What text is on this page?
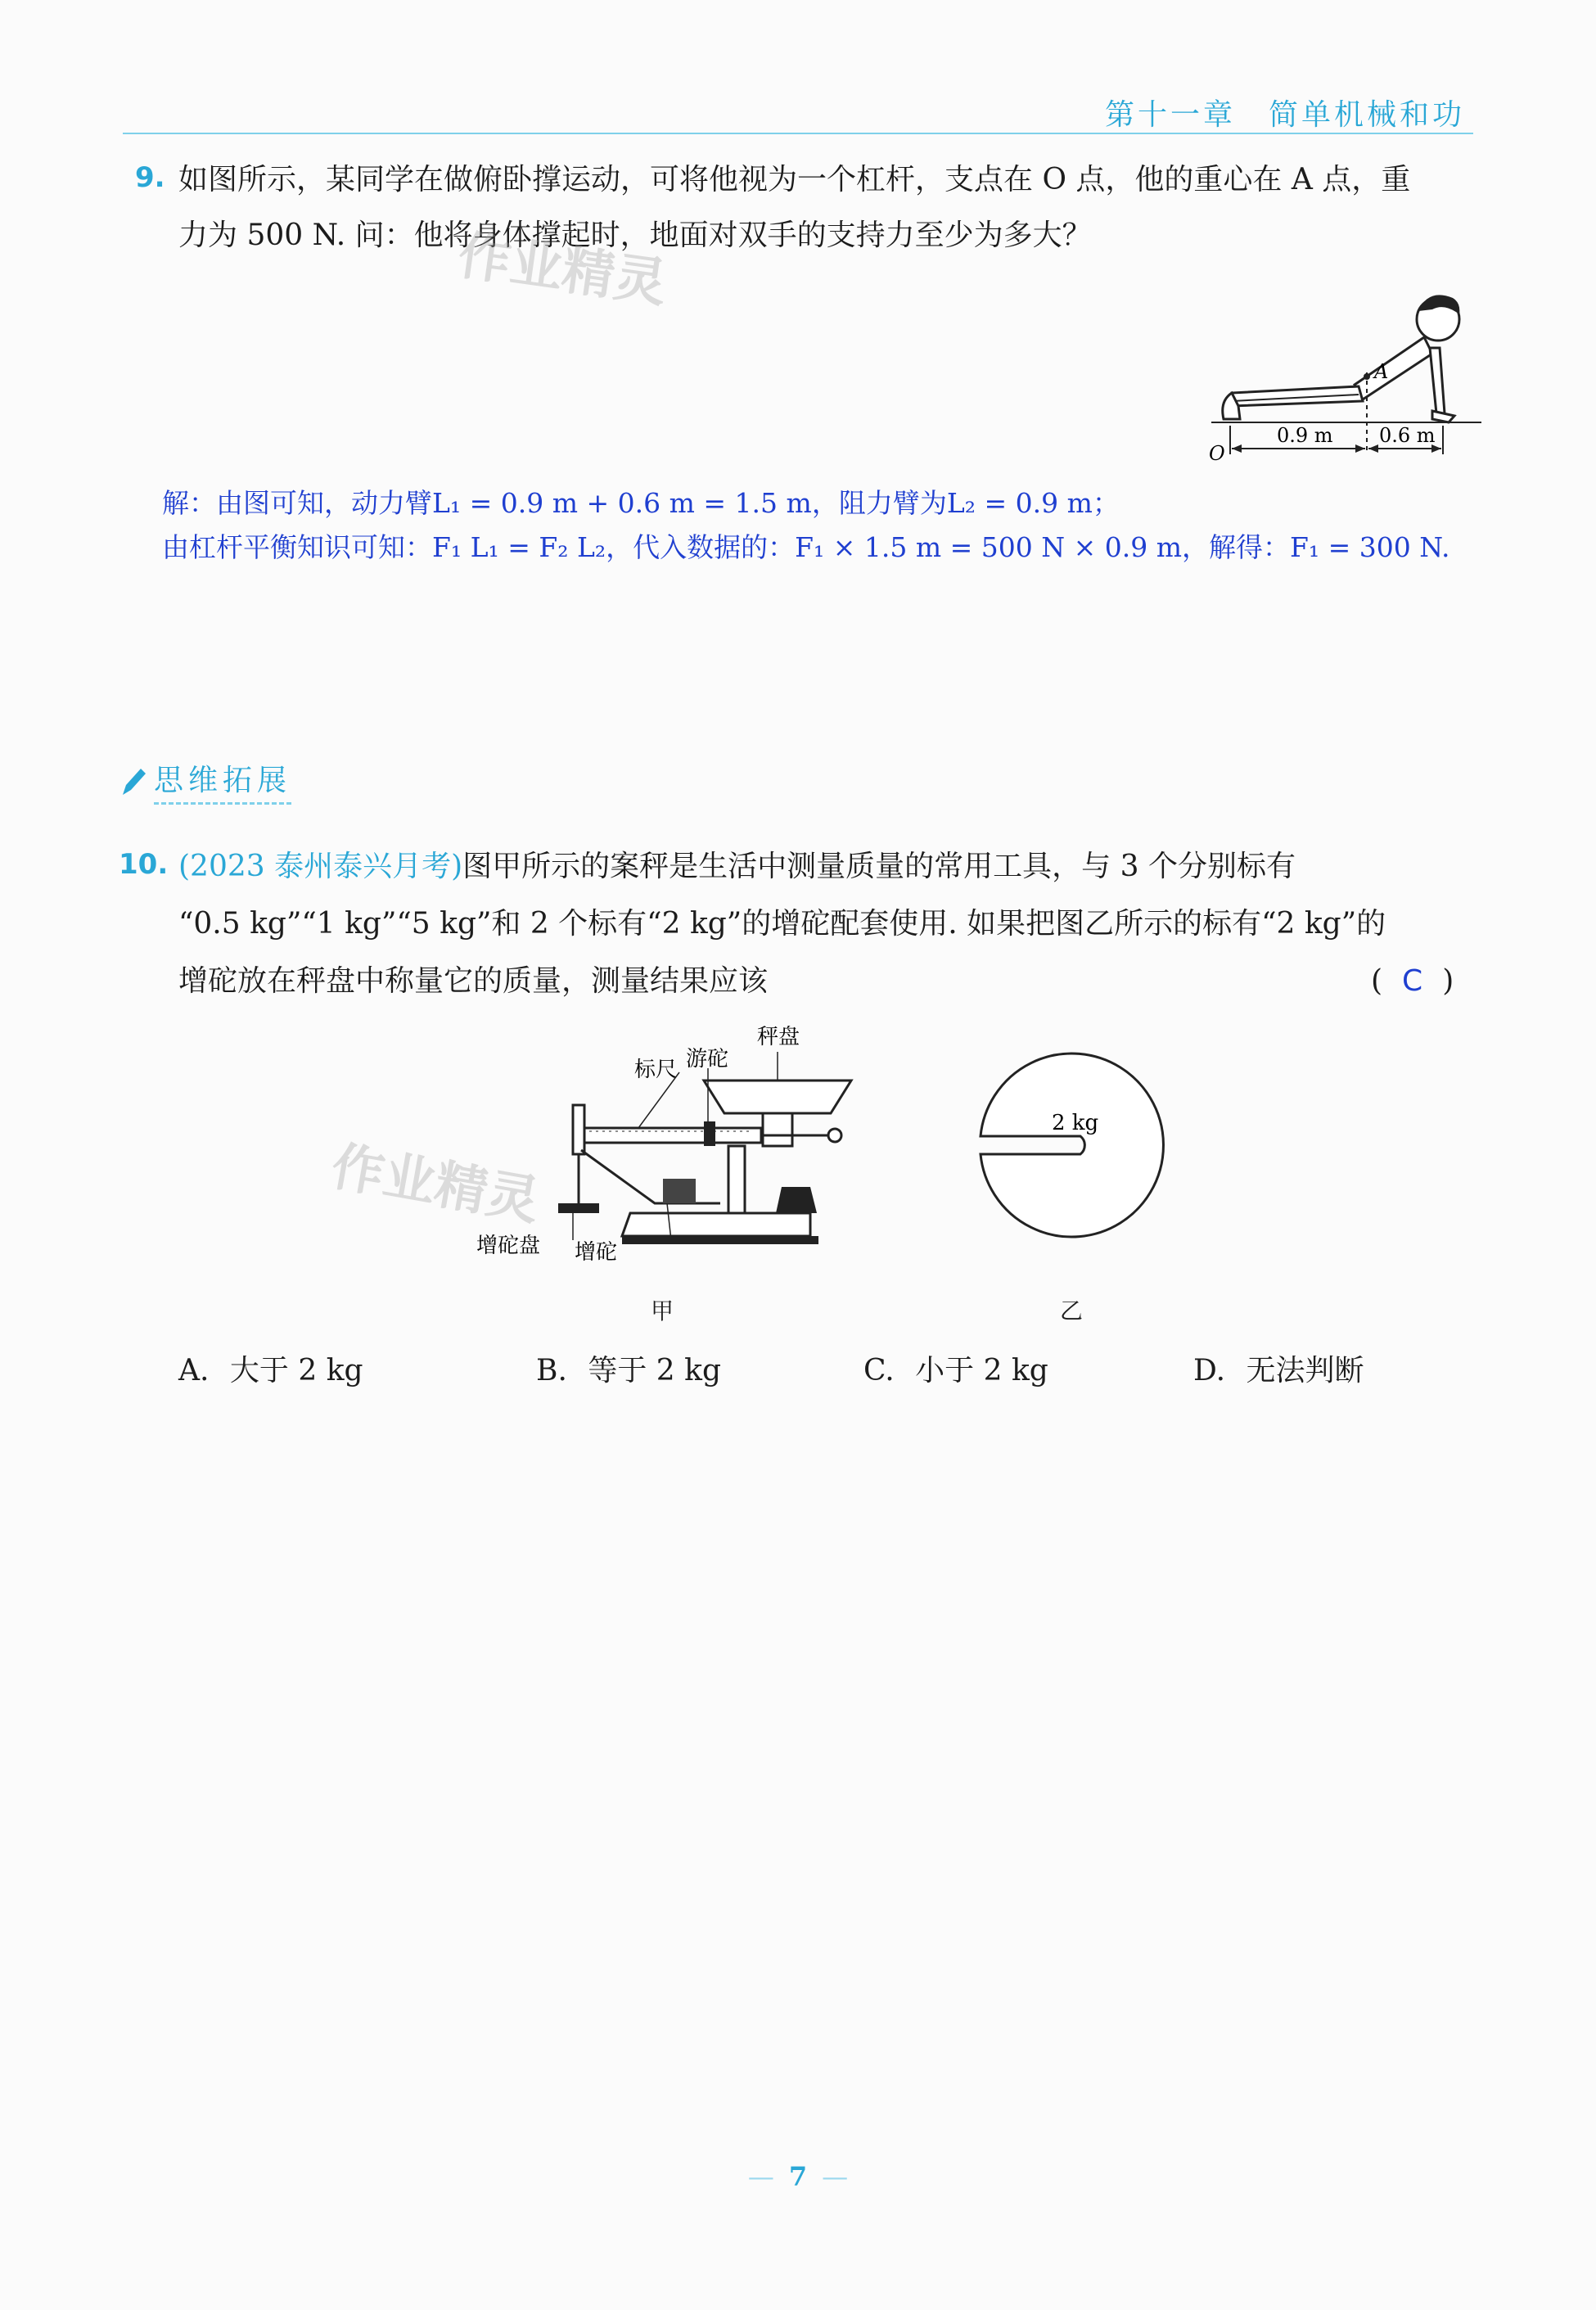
第十一章　简单机械和功
9. 如图所示，某同学在做俯卧撑运动，可将他视为一个杠杆，支点在 O 点，他的重心在 A 点，重
力为 500 N. 问：他将身体撑起时，地面对双手的支持力至少为多大？
A
O
0.9 m 0.6 m
解：由图可知，动力臂L₁ = 0.9 m + 0.6 m = 1.5 m，阻力臂为L₂ = 0.9 m；
由杠杆平衡知识可知：F₁ L₁ = F₂ L₂，代入数据的：F₁ × 1.5 m = 500 N × 0.9 m，解得：F₁ = 300 N.
思维拓展
10. (2023 泰州泰兴月考)图甲所示的案秤是生活中测量质量的常用工具，与 3 个分别标有
“0.5 kg”“1 kg”“5 kg”和 2 个标有“2 kg”的增砣配套使用. 如果把图乙所示的标有“2 kg”的
增砣放在秤盘中称量它的质量，测量结果应该	( C )
秤盘
标尺 游砣
增砣盘 增砣
甲
2 kg
乙
A. 大于 2 kg	B. 等于 2 kg	C. 小于 2 kg	D. 无法判断
作业精灵
作业精灵
— 7 —
